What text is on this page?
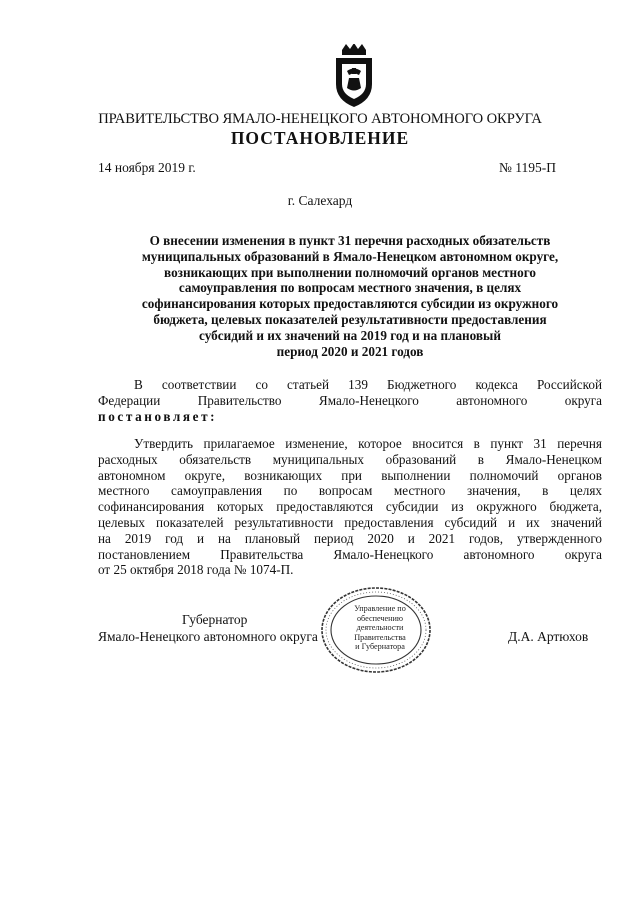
ПРАВИТЕЛЬСТВО ЯМАЛО-НЕНЕЦКОГО АВТОНОМНОГО ОКРУГА
ПОСТАНОВЛЕНИЕ
14 ноября 2019 г.	№ 1195-П
г. Салехард
О внесении изменения в пункт 31 перечня расходных обязательств
муниципальных образований в Ямало-Ненецком автономном округе,
возникающих при выполнении полномочий органов местного
самоуправления по вопросам местного значения, в целях
софинансирования которых предоставляются субсидии из окружного
бюджета, целевых показателей результативности предоставления
субсидий и их значений на 2019 год и на плановый
период 2020 и 2021 годов
В соответствии со статьей 139 Бюджетного кодекса Российской
Федерации Правительство Ямало-Ненецкого автономного округа
постановляет:
Утвердить прилагаемое изменение, которое вносится в пункт 31 перечня
расходных обязательств муниципальных образований в Ямало-Ненецком
автономном округе, возникающих при выполнении полномочий органов
местного самоуправления по вопросам местного значения, в целях
софинансирования которых предоставляются субсидии из окружного бюджета,
целевых показателей результативности предоставления субсидий и их значений
на 2019 год и на плановый период 2020 и 2021 годов, утвержденного
постановлением Правительства Ямало-Ненецкого автономного округа
от 25 октября 2018 года № 1074-П.
Губернатор
Ямало-Ненецкого автономного округа	Д.А. Артюхов
Управление по
обеспечению
деятельности
Правительства
и Губернатора
